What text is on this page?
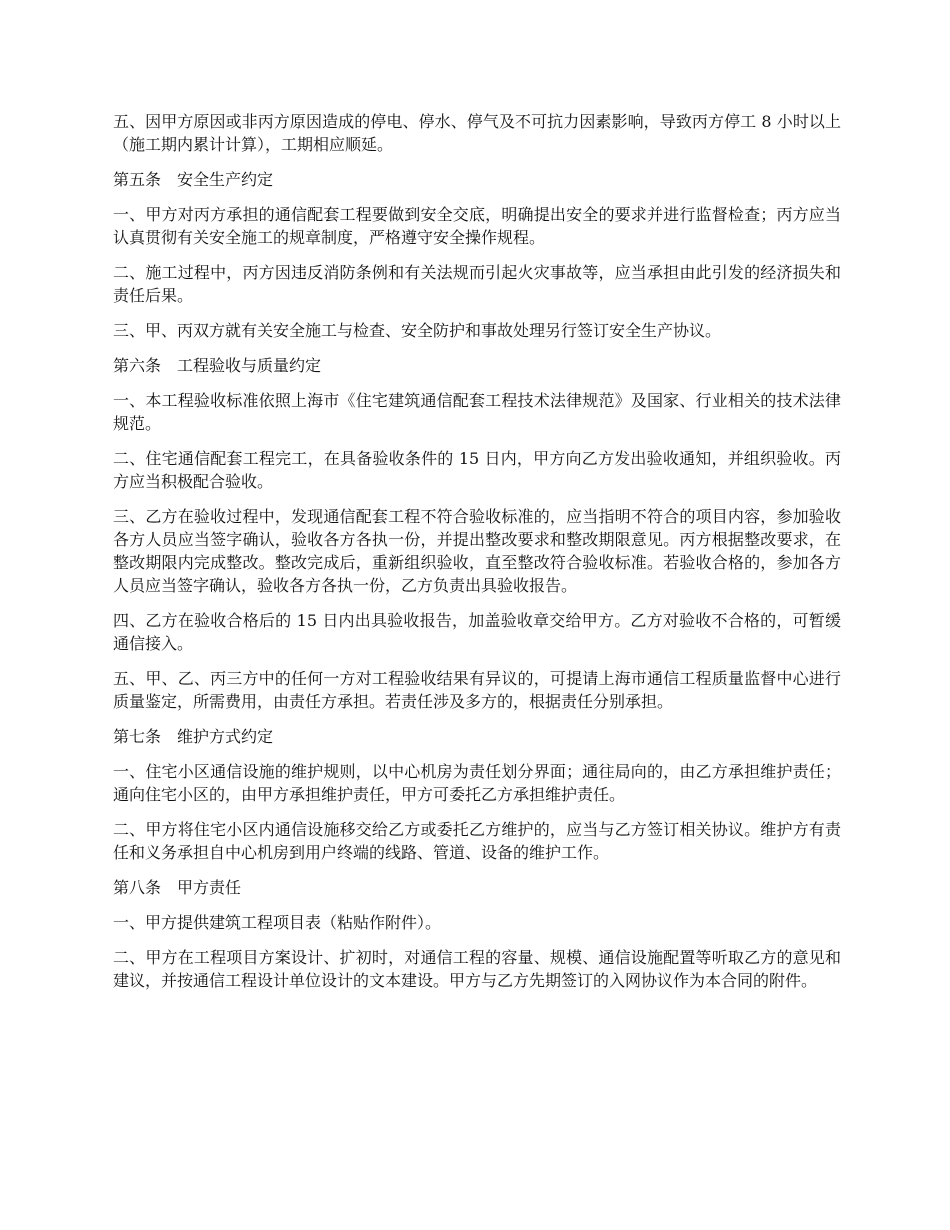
五、因甲方原因或非丙方原因造成的停电、停水、停气及不可抗力因素影响，导致丙方停工 8 小时以上（施工期内累计计算），工期相应顺延。

第五条　安全生产约定

一、甲方对丙方承担的通信配套工程要做到安全交底，明确提出安全的要求并进行监督检查；丙方应当认真贯彻有关安全施工的规章制度，严格遵守安全操作规程。

二、施工过程中，丙方因违反消防条例和有关法规而引起火灾事故等，应当承担由此引发的经济损失和责任后果。

三、甲、丙双方就有关安全施工与检查、安全防护和事故处理另行签订安全生产协议。

第六条　工程验收与质量约定

一、本工程验收标准依照上海市《住宅建筑通信配套工程技术法律规范》及国家、行业相关的技术法律规范。

二、住宅通信配套工程完工，在具备验收条件的 15 日内，甲方向乙方发出验收通知，并组织验收。丙方应当积极配合验收。

三、乙方在验收过程中，发现通信配套工程不符合验收标准的，应当指明不符合的项目内容，参加验收各方人员应当签字确认，验收各方各执一份，并提出整改要求和整改期限意见。丙方根据整改要求，在整改期限内完成整改。整改完成后，重新组织验收，直至整改符合验收标准。若验收合格的，参加各方人员应当签字确认，验收各方各执一份，乙方负责出具验收报告。

四、乙方在验收合格后的 15 日内出具验收报告，加盖验收章交给甲方。乙方对验收不合格的，可暂缓通信接入。

五、甲、乙、丙三方中的任何一方对工程验收结果有异议的，可提请上海市通信工程质量监督中心进行质量鉴定，所需费用，由责任方承担。若责任涉及多方的，根据责任分别承担。

第七条　维护方式约定

一、住宅小区通信设施的维护规则，以中心机房为责任划分界面；通往局向的，由乙方承担维护责任；通向住宅小区的，由甲方承担维护责任，甲方可委托乙方承担维护责任。

二、甲方将住宅小区内通信设施移交给乙方或委托乙方维护的，应当与乙方签订相关协议。维护方有责任和义务承担自中心机房到用户终端的线路、管道、设备的维护工作。

第八条　甲方责任

一、甲方提供建筑工程项目表（粘贴作附件）。

二、甲方在工程项目方案设计、扩初时，对通信工程的容量、规模、通信设施配置等听取乙方的意见和建议，并按通信工程设计单位设计的文本建设。甲方与乙方先期签订的入网协议作为本合同的附件。
